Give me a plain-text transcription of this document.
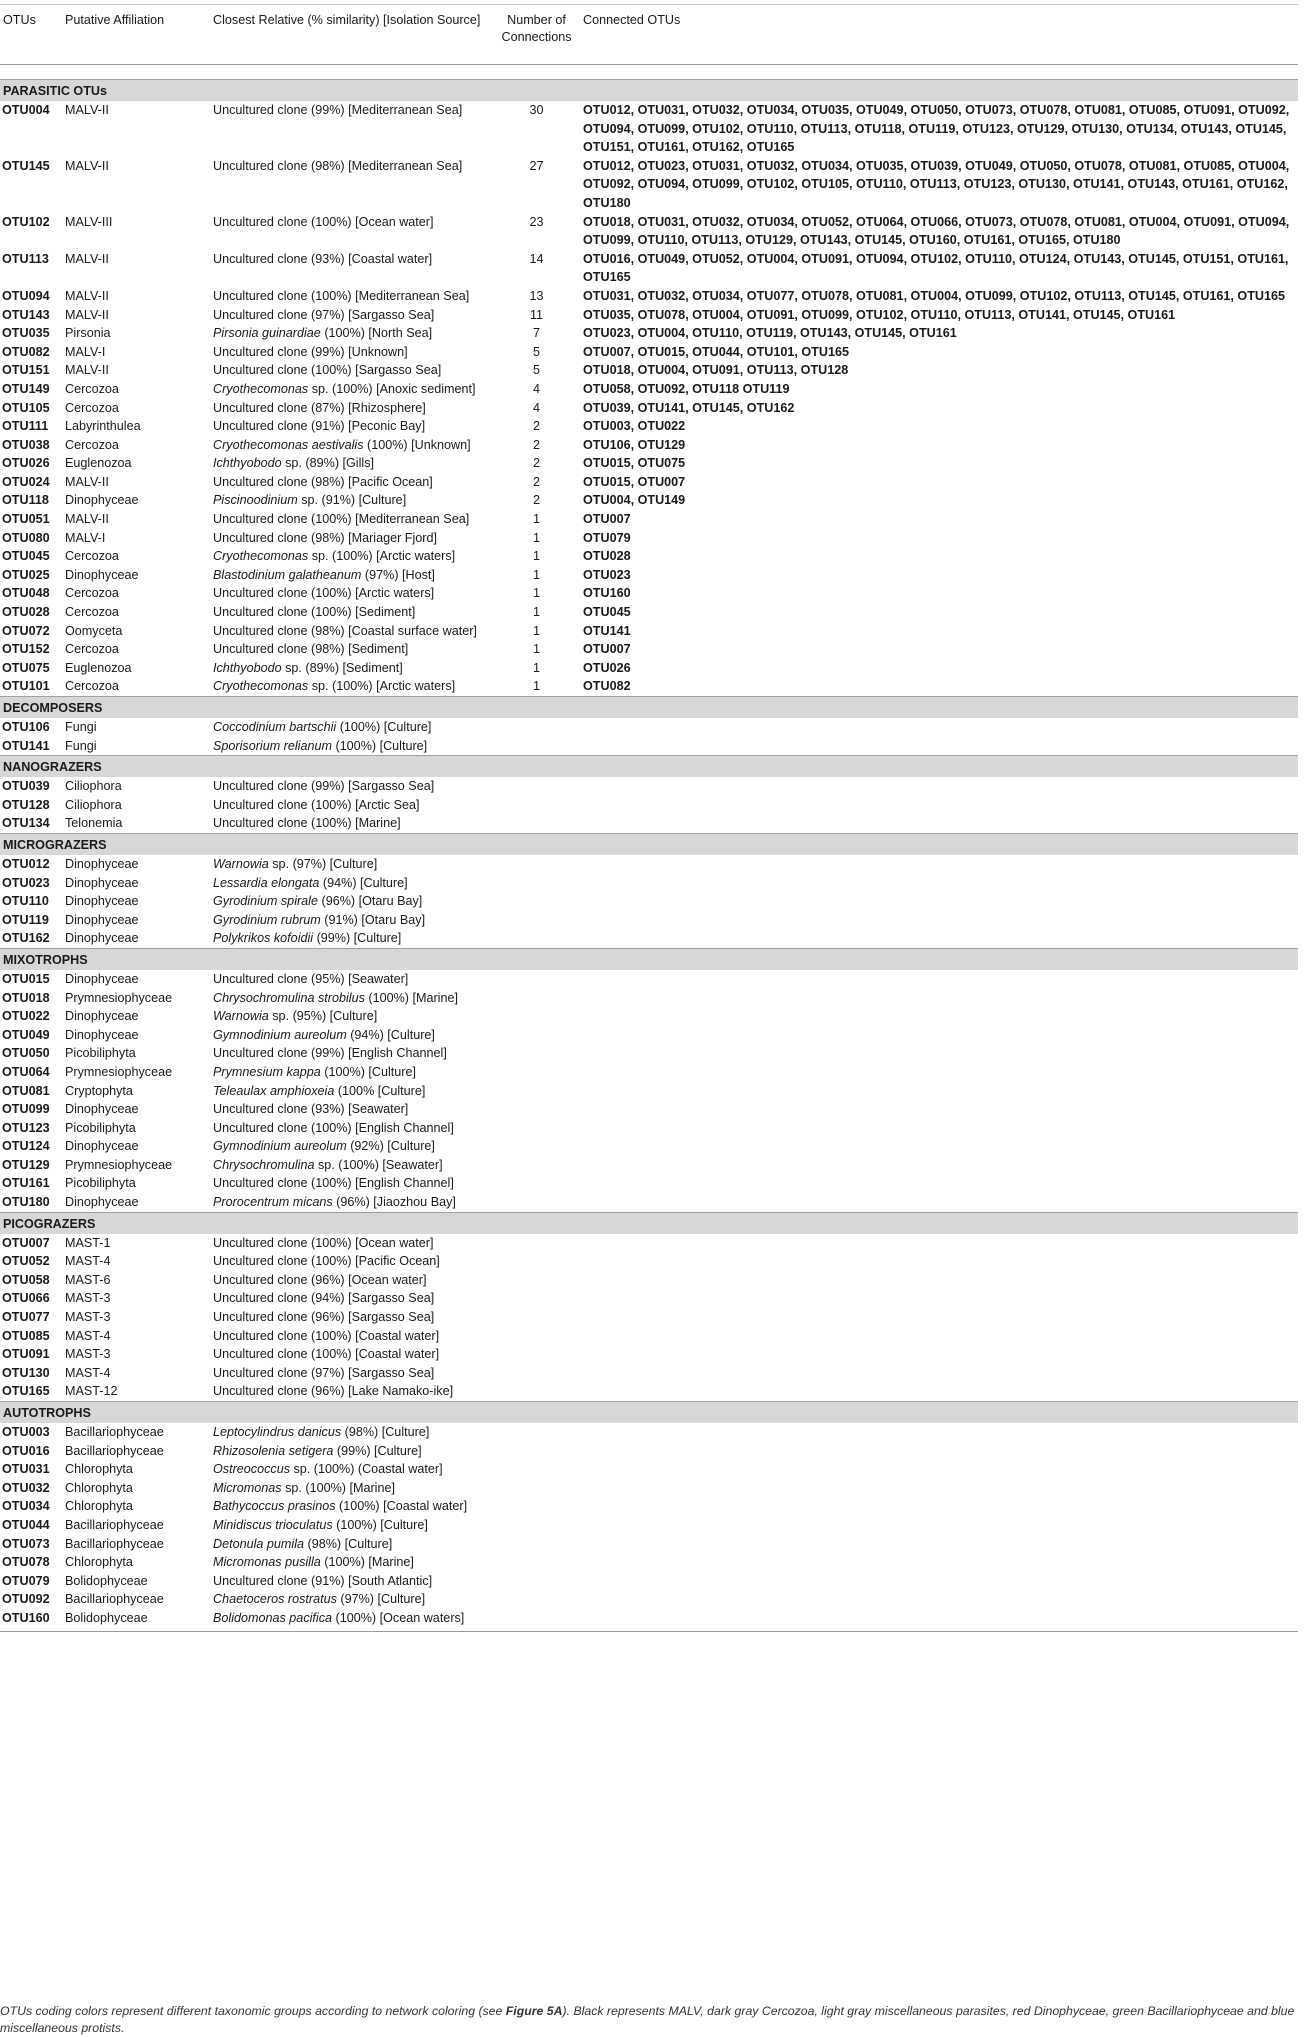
OTUs	Putative Affiliation	Closest Relative (% similarity) [Isolation Source]	Number of Connections	Connected OTUs

PARASITIC OTUs				
OTU004	MALV-II	Uncultured clone (99%) [Mediterranean Sea]	30	OTU012, OTU031, OTU032, OTU034, OTU035, OTU049, OTU050, OTU073, OTU078, OTU081, OTU085, OTU091, OTU092, OTU094, OTU099, OTU102, OTU110, OTU113, OTU118, OTU119, OTU123, OTU129, OTU130, OTU134, OTU143, OTU145, OTU151, OTU161, OTU162, OTU165
OTU145	MALV-II	Uncultured clone (98%) [Mediterranean Sea]	27	OTU012, OTU023, OTU031, OTU032, OTU034, OTU035, OTU039, OTU049, OTU050, OTU078, OTU081, OTU085, OTU004, OTU092, OTU094, OTU099, OTU102, OTU105, OTU110, OTU113, OTU123, OTU130, OTU141, OTU143, OTU161, OTU162, OTU180
OTU102	MALV-III	Uncultured clone (100%) [Ocean water]	23	OTU018, OTU031, OTU032, OTU034, OTU052, OTU064, OTU066, OTU073, OTU078, OTU081, OTU004, OTU091, OTU094, OTU099, OTU110, OTU113, OTU129, OTU143, OTU145, OTU160, OTU161, OTU165, OTU180
OTU113	MALV-II	Uncultured clone (93%) [Coastal water]	14	OTU016, OTU049, OTU052, OTU004, OTU091, OTU094, OTU102, OTU110, OTU124, OTU143, OTU145, OTU151, OTU161, OTU165
OTU094	MALV-II	Uncultured clone (100%) [Mediterranean Sea]	13	OTU031, OTU032, OTU034, OTU077, OTU078, OTU081, OTU004, OTU099, OTU102, OTU113, OTU145, OTU161, OTU165
OTU143	MALV-II	Uncultured clone (97%) [Sargasso Sea]	11	OTU035, OTU078, OTU004, OTU091, OTU099, OTU102, OTU110, OTU113, OTU141, OTU145, OTU161
OTU035	Pirsonia	Pirsonia guinardiae (100%) [North Sea]	7	OTU023, OTU004, OTU110, OTU119, OTU143, OTU145, OTU161
OTU082	MALV-I	Uncultured clone (99%) [Unknown]	5	OTU007, OTU015, OTU044, OTU101, OTU165
OTU151	MALV-II	Uncultured clone (100%) [Sargasso Sea]	5	OTU018, OTU004, OTU091, OTU113, OTU128
OTU149	Cercozoa	Cryothecomonas sp. (100%) [Anoxic sediment]	4	OTU058, OTU092, OTU118 OTU119
OTU105	Cercozoa	Uncultured clone (87%) [Rhizosphere]	4	OTU039, OTU141, OTU145, OTU162
OTU111	Labyrinthulea	Uncultured clone (91%) [Peconic Bay]	2	OTU003, OTU022
OTU038	Cercozoa	Cryothecomonas aestivalis (100%) [Unknown]	2	OTU106, OTU129
OTU026	Euglenozoa	Ichthyobodo sp. (89%) [Gills]	2	OTU015, OTU075
OTU024	MALV-II	Uncultured clone (98%) [Pacific Ocean]	2	OTU015, OTU007
OTU118	Dinophyceae	Piscinoodinium sp. (91%) [Culture]	2	OTU004, OTU149
OTU051	MALV-II	Uncultured clone (100%) [Mediterranean Sea]	1	OTU007
OTU080	MALV-I	Uncultured clone (98%) [Mariager Fjord]	1	OTU079
OTU045	Cercozoa	Cryothecomonas sp. (100%) [Arctic waters]	1	OTU028
OTU025	Dinophyceae	Blastodinium galatheanum (97%) [Host]	1	OTU023
OTU048	Cercozoa	Uncultured clone (100%) [Arctic waters]	1	OTU160
OTU028	Cercozoa	Uncultured clone (100%) [Sediment]	1	OTU045
OTU072	Oomyceta	Uncultured clone (98%) [Coastal surface water]	1	OTU141
OTU152	Cercozoa	Uncultured clone (98%) [Sediment]	1	OTU007
OTU075	Euglenozoa	Ichthyobodo sp. (89%) [Sediment]	1	OTU026
OTU101	Cercozoa	Cryothecomonas sp. (100%) [Arctic waters]	1	OTU082
DECOMPOSERS				
OTU106	Fungi	Coccodinium bartschii (100%) [Culture]		
OTU141	Fungi	Sporisorium relianum (100%) [Culture]		
NANOGRAZERS				
OTU039	Ciliophora	Uncultured clone (99%) [Sargasso Sea]		
OTU128	Ciliophora	Uncultured clone (100%) [Arctic Sea]		
OTU134	Telonemia	Uncultured clone (100%) [Marine]		
MICROGRAZERS				
OTU012	Dinophyceae	Warnowia sp. (97%) [Culture]		
OTU023	Dinophyceae	Lessardia elongata (94%) [Culture]		
OTU110	Dinophyceae	Gyrodinium spirale (96%) [Otaru Bay]		
OTU119	Dinophyceae	Gyrodinium rubrum (91%) [Otaru Bay]		
OTU162	Dinophyceae	Polykrikos kofoidii (99%) [Culture]		
MIXOTROPHS				
OTU015	Dinophyceae	Uncultured clone (95%) [Seawater]		
OTU018	Prymnesiophyceae	Chrysochromulina strobilus (100%) [Marine]		
OTU022	Dinophyceae	Warnowia sp. (95%) [Culture]		
OTU049	Dinophyceae	Gymnodinium aureolum (94%) [Culture]		
OTU050	Picobiliphyta	Uncultured clone (99%) [English Channel]		
OTU064	Prymnesiophyceae	Prymnesium kappa (100%) [Culture]		
OTU081	Cryptophyta	Teleaulax amphioxeia (100% [Culture]		
OTU099	Dinophyceae	Uncultured clone (93%) [Seawater]		
OTU123	Picobiliphyta	Uncultured clone (100%) [English Channel]		
OTU124	Dinophyceae	Gymnodinium aureolum (92%) [Culture]		
OTU129	Prymnesiophyceae	Chrysochromulina sp. (100%) [Seawater]		
OTU161	Picobiliphyta	Uncultured clone (100%) [English Channel]		
OTU180	Dinophyceae	Prorocentrum micans (96%) [Jiaozhou Bay]		
PICOGRAZERS				
OTU007	MAST-1	Uncultured clone (100%) [Ocean water]		
OTU052	MAST-4	Uncultured clone (100%) [Pacific Ocean]		
OTU058	MAST-6	Uncultured clone (96%) [Ocean water]		
OTU066	MAST-3	Uncultured clone (94%) [Sargasso Sea]		
OTU077	MAST-3	Uncultured clone (96%) [Sargasso Sea]		
OTU085	MAST-4	Uncultured clone (100%) [Coastal water]		
OTU091	MAST-3	Uncultured clone (100%) [Coastal water]		
OTU130	MAST-4	Uncultured clone (97%) [Sargasso Sea]		
OTU165	MAST-12	Uncultured clone (96%) [Lake Namako-ike]		
AUTOTROPHS				
OTU003	Bacillariophyceae	Leptocylindrus danicus (98%) [Culture]		
OTU016	Bacillariophyceae	Rhizosolenia setigera (99%) [Culture]		
OTU031	Chlorophyta	Ostreococcus sp. (100%) (Coastal water]		
OTU032	Chlorophyta	Micromonas sp. (100%) [Marine]		
OTU034	Chlorophyta	Bathycoccus prasinos (100%) [Coastal water]		
OTU044	Bacillariophyceae	Minidiscus trioculatus (100%) [Culture]		
OTU073	Bacillariophyceae	Detonula pumila (98%) [Culture]		
OTU078	Chlorophyta	Micromonas pusilla (100%) [Marine]		
OTU079	Bolidophyceae	Uncultured clone (91%) [South Atlantic]		
OTU092	Bacillariophyceae	Chaetoceros rostratus (97%) [Culture]		
OTU160	Bolidophyceae	Bolidomonas pacifica (100%) [Ocean waters]		
OTUs coding colors represent different taxonomic groups according to network coloring (see Figure 5A). Black represents MALV, dark gray Cercozoa, light gray miscellaneous parasites, red Dinophyceae, green Bacillariophyceae and blue miscellaneous protists.
